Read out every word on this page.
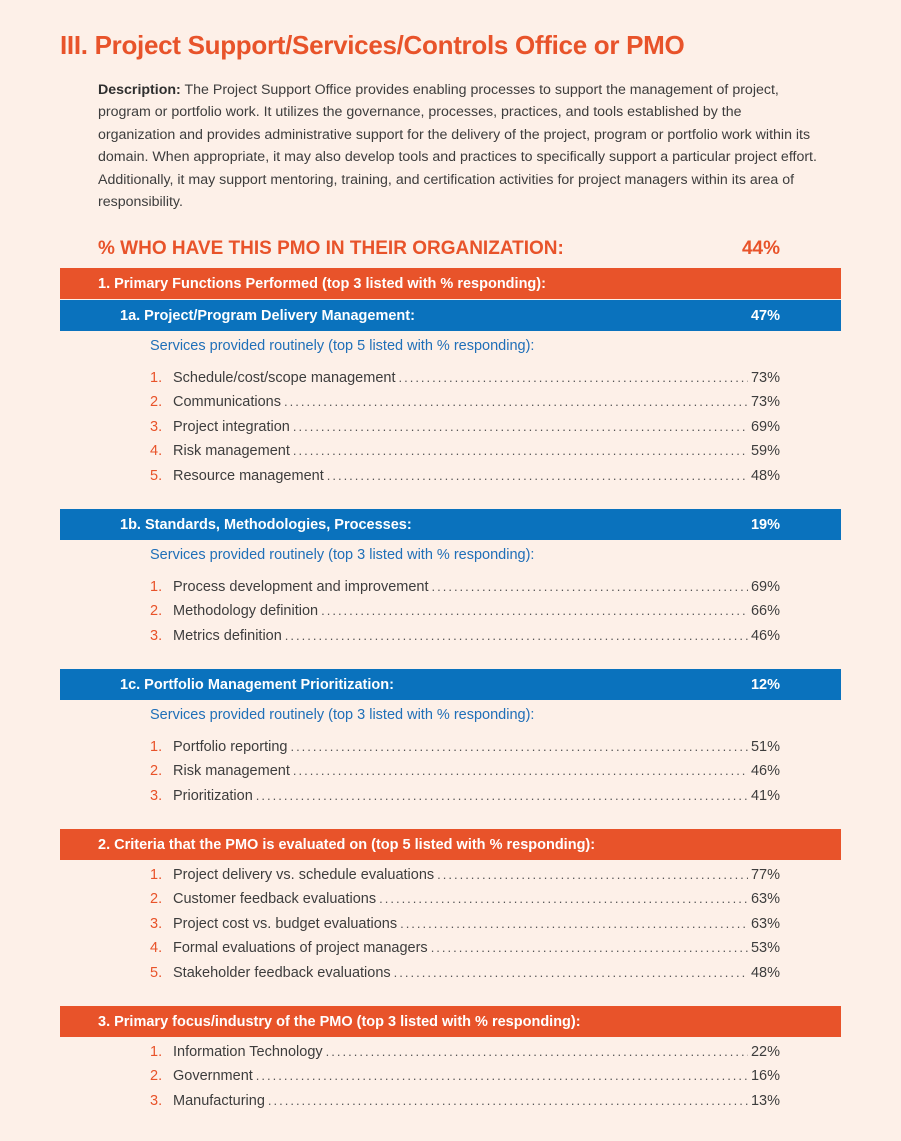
III. Project Support/Services/Controls Office or PMO
Description: The Project Support Office provides enabling processes to support the management of project, program or portfolio work. It utilizes the governance, processes, practices, and tools established by the organization and provides administrative support for the delivery of the project, program or portfolio work within its domain. When appropriate, it may also develop tools and practices to specifically support a particular project effort. Additionally, it may support mentoring, training, and certification activities for project managers within its area of responsibility.
% WHO HAVE THIS PMO IN THEIR ORGANIZATION:	44%
1. Primary Functions Performed (top 3 listed with % responding):
1a. Project/Program Delivery Management:	47%
Services provided routinely (top 5 listed with % responding):
1. Schedule/cost/scope management .....	73%
2. Communications .....	73%
3. Project integration .....	69%
4. Risk management .....	59%
5. Resource management .....	48%
1b. Standards, Methodologies, Processes:	19%
Services provided routinely (top 3 listed with % responding):
1. Process development and improvement .....	69%
2. Methodology definition .....	66%
3. Metrics definition .....	46%
1c. Portfolio Management Prioritization:	12%
Services provided routinely (top 3 listed with % responding):
1. Portfolio reporting .....	51%
2. Risk management .....	46%
3. Prioritization .....	41%
2. Criteria that the PMO is evaluated on (top 5 listed with % responding):
1. Project delivery vs. schedule evaluations .....	77%
2. Customer feedback evaluations .....	63%
3. Project cost vs. budget evaluations .....	63%
4. Formal evaluations of project managers .....	53%
5. Stakeholder feedback evaluations .....	48%
3. Primary focus/industry of the PMO (top 3 listed with % responding):
1. Information Technology .....	22%
2. Government .....	16%
3. Manufacturing .....	13%
